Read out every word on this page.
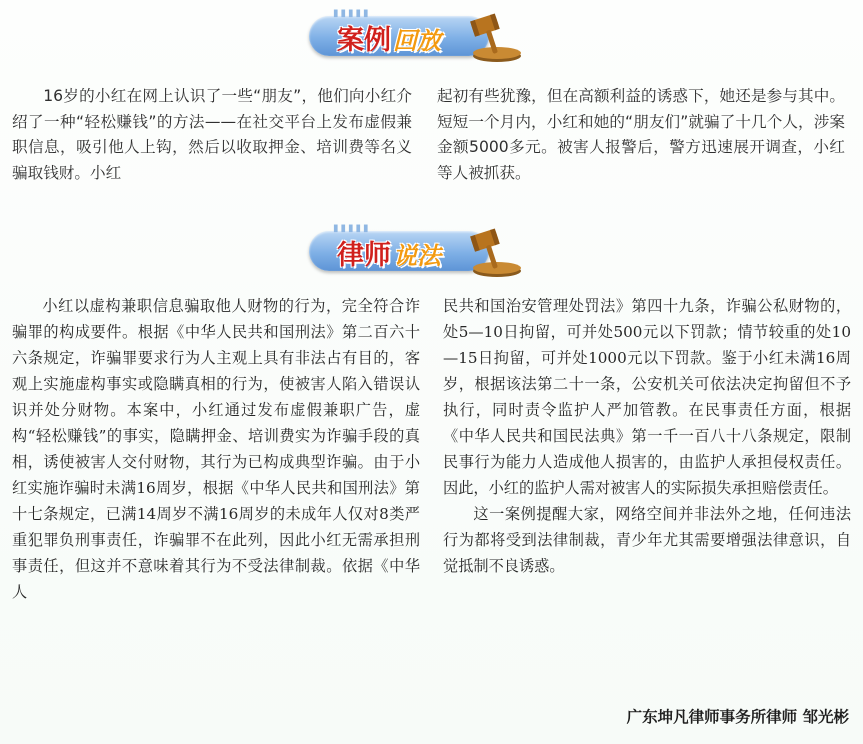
▮▮▮▮▮
案例 回放

16岁的小红在网上认识了一些“朋友”，他们向小红介绍了一种“轻松赚钱”的方法——在社交平台上发布虚假兼职信息，吸引他人上钩，然后以收取押金、培训费等名义骗取钱财。小红

起初有些犹豫，但在高额利益的诱惑下，她还是参与其中。短短一个月内，小红和她的“朋友们”就骗了十几个人，涉案金额5000多元。被害人报警后，警方迅速展开调查，小红等人被抓获。

▮▮▮▮▮
律师 说法

小红以虚构兼职信息骗取他人财物的行为，完全符合诈骗罪的构成要件。根据《中华人民共和国刑法》第二百六十六条规定，诈骗罪要求行为人主观上具有非法占有目的，客观上实施虚构事实或隐瞒真相的行为，使被害人陷入错误认识并处分财物。本案中，小红通过发布虚假兼职广告，虚构“轻松赚钱”的事实，隐瞒押金、培训费实为诈骗手段的真相，诱使被害人交付财物，其行为已构成典型诈骗。由于小红实施诈骗时未满16周岁，根据《中华人民共和国刑法》第十七条规定，已满14周岁不满16周岁的未成年人仅对8类严重犯罪负刑事责任，诈骗罪不在此列，因此小红无需承担刑事责任，但这并不意味着其行为不受法律制裁。依据《中华人

民共和国治安管理处罚法》第四十九条，诈骗公私财物的，处5—10日拘留，可并处500元以下罚款；情节较重的处10—15日拘留，可并处1000元以下罚款。鉴于小红未满16周岁，根据该法第二十一条，公安机关可依法决定拘留但不予执行，同时责令监护人严加管教。在民事责任方面，根据《中华人民共和国民法典》第一千一百八十八条规定，限制民事行为能力人造成他人损害的，由监护人承担侵权责任。因此，小红的监护人需对被害人的实际损失承担赔偿责任。

这一案例提醒大家，网络空间并非法外之地，任何违法行为都将受到法律制裁，青少年尤其需要增强法律意识，自觉抵制不良诱惑。

广东坤凡律师事务所律师 邹光彬
